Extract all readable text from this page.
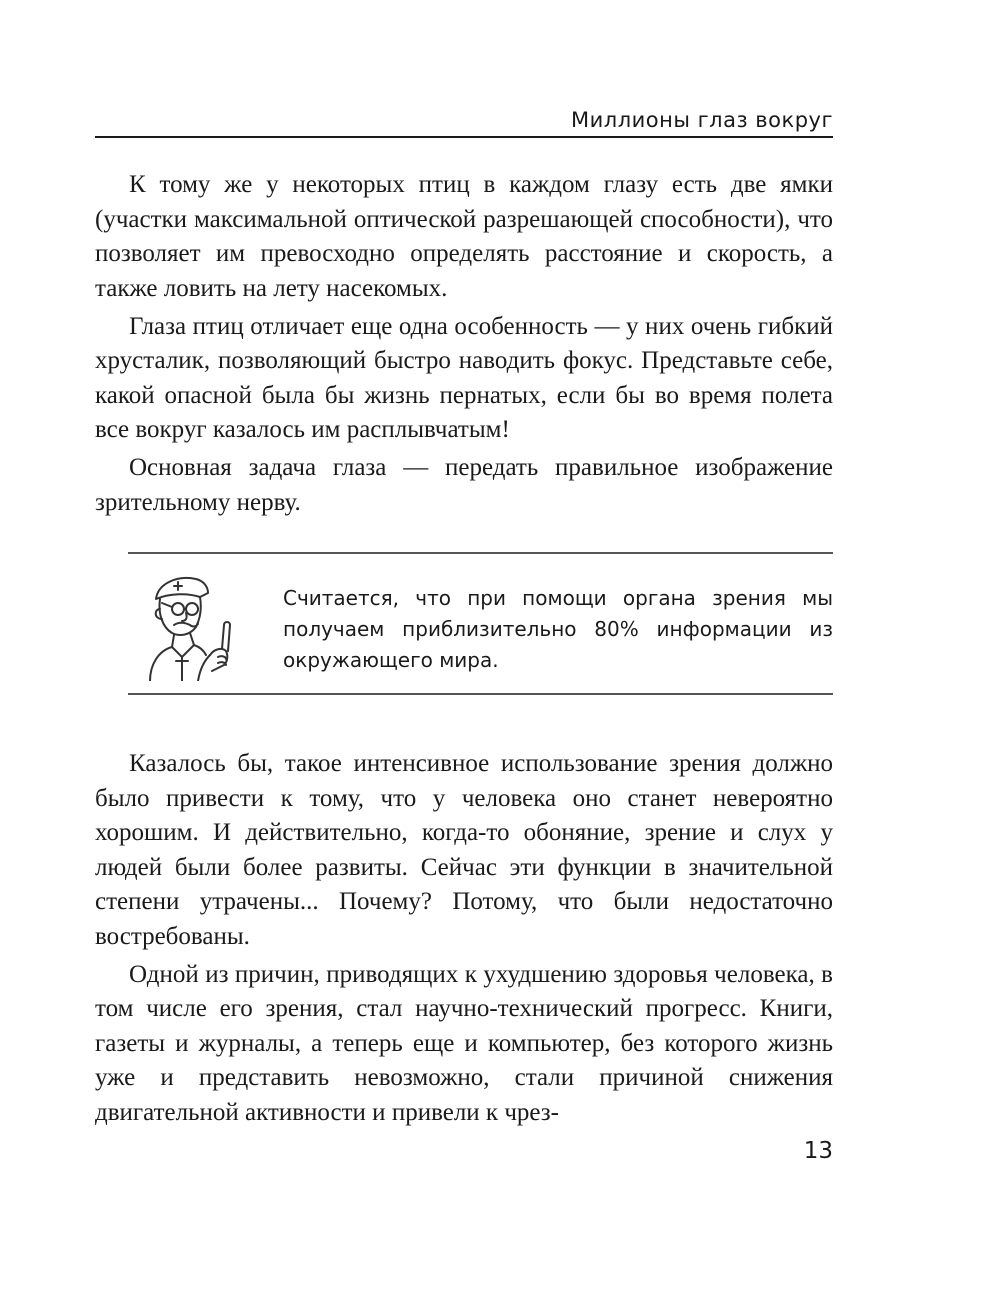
Миллионы глаз вокруг

К тому же у некоторых птиц в каждом глазу есть две ямки (участки максимальной оптической разрешающей способности), что позволяет им превосходно определять расстояние и скорость, а также ловить на лету насекомых.

Глаза птиц отличает еще одна особенность — у них очень гибкий хрусталик, позволяющий быстро наводить фокус. Представьте себе, какой опасной была бы жизнь пернатых, если бы во время полета все вокруг казалось им расплывчатым!

Основная задача глаза — передать правильное изображение зрительному нерву.

Считается, что при помощи органа зрения мы получаем приблизительно 80% информации из окружающего мира.

Казалось бы, такое интенсивное использование зрения должно было привести к тому, что у человека оно станет невероятно хорошим. И действительно, когда-то обоняние, зрение и слух у людей были более развиты. Сейчас эти функции в значительной степени утрачены... Почему? Потому, что были недостаточно востребованы.

Одной из причин, приводящих к ухудшению здоровья человека, в том числе его зрения, стал научно-технический прогресс. Книги, газеты и журналы, а теперь еще и компьютер, без которого жизнь уже и представить невозможно, стали причиной снижения двигательной активности и привели к чрез-

13
